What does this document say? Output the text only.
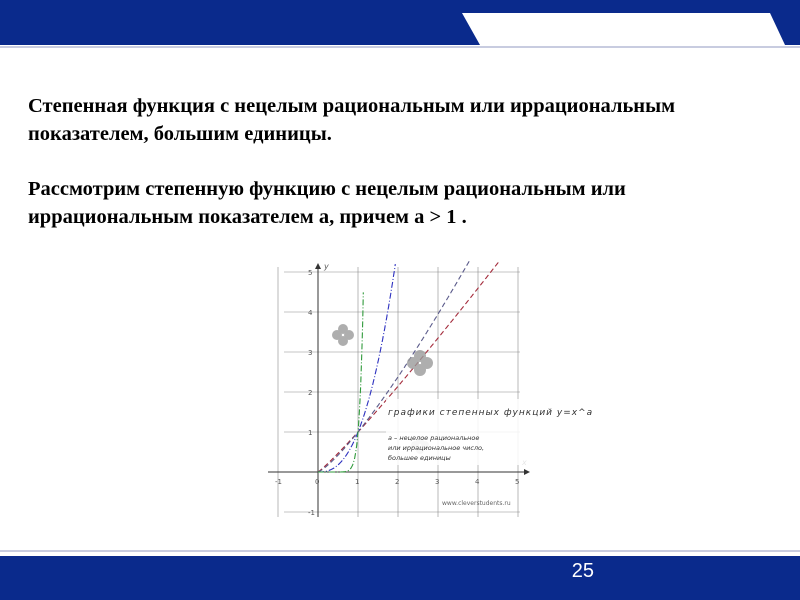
Степенная функция с нецелым рациональным или иррациональным показателем, большим единицы.

Рассмотрим степенную функцию с нецелым рациональным или иррациональным показателем а, причем а > 1 .

y
-1	0	1	2	3	4	5
-1
1
2
3
4
5
графики степенных функций y=x^a
a – нецелое рациональное
или иррациональное число,
большее единицы
www.cleverstudents.ru
25
